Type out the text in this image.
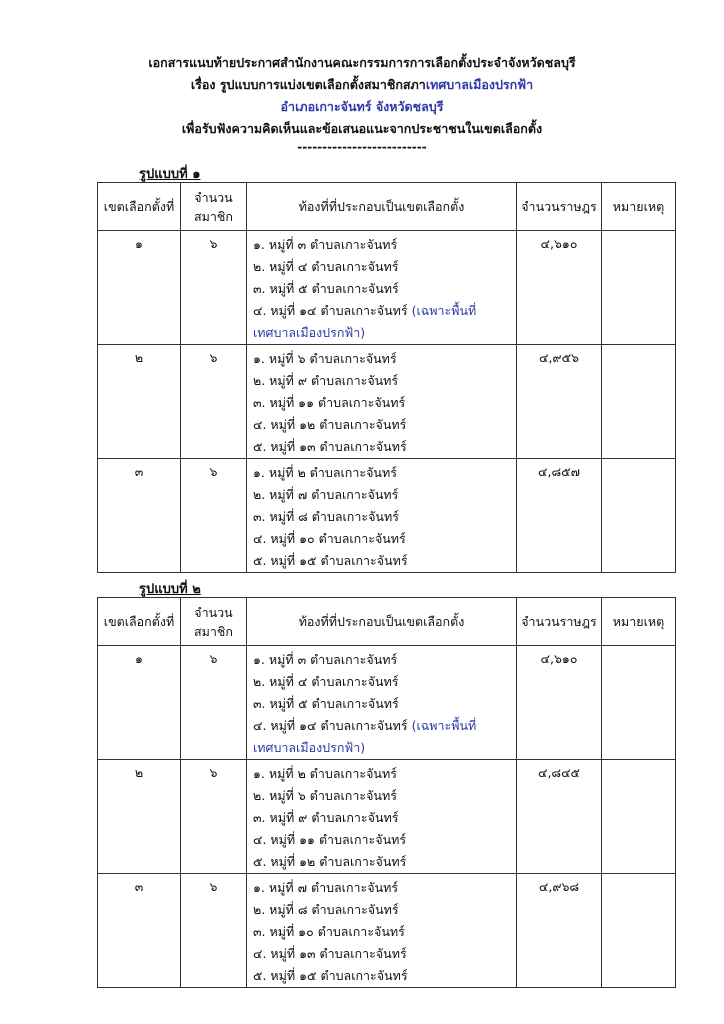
เอกสารแนบท้ายประกาศสำนักงานคณะกรรมการการเลือกตั้งประจำจังหวัดชลบุรี
เรื่อง รูปแบบการแบ่งเขตเลือกตั้งสมาชิกสภาเทศบาลเมืองปรกฟ้า
อำเภอเกาะจันทร์ จังหวัดชลบุรี
เพื่อรับฟังความคิดเห็นและข้อเสนอแนะจากประชาชนในเขตเลือกตั้ง
--------------------------
รูปแบบที่ ๑
เขตเลือกตั้งที่	จำนวนสมาชิก	ท้องที่ที่ประกอบเป็นเขตเลือกตั้ง	จำนวนราษฎร	หมายเหตุ
๑	๖	๑. หมู่ที่ ๓ ตำบลเกาะจันทร์
๒. หมู่ที่ ๔ ตำบลเกาะจันทร์
๓. หมู่ที่ ๕ ตำบลเกาะจันทร์
๔. หมู่ที่ ๑๔ ตำบลเกาะจันทร์ (เฉพาะพื้นที่เทศบาลเมืองปรกฟ้า)	๔,๖๑๐	
๒	๖	๑. หมู่ที่ ๖ ตำบลเกาะจันทร์
๒. หมู่ที่ ๙ ตำบลเกาะจันทร์
๓. หมู่ที่ ๑๑ ตำบลเกาะจันทร์
๔. หมู่ที่ ๑๒ ตำบลเกาะจันทร์
๕. หมู่ที่ ๑๓ ตำบลเกาะจันทร์	๔,๙๕๖	
๓	๖	๑. หมู่ที่ ๒ ตำบลเกาะจันทร์
๒. หมู่ที่ ๗ ตำบลเกาะจันทร์
๓. หมู่ที่ ๘ ตำบลเกาะจันทร์
๔. หมู่ที่ ๑๐ ตำบลเกาะจันทร์
๕. หมู่ที่ ๑๕ ตำบลเกาะจันทร์	๔,๘๕๗	
รูปแบบที่ ๒
เขตเลือกตั้งที่	จำนวนสมาชิก	ท้องที่ที่ประกอบเป็นเขตเลือกตั้ง	จำนวนราษฎร	หมายเหตุ
๑	๖	๑. หมู่ที่ ๓ ตำบลเกาะจันทร์
๒. หมู่ที่ ๔ ตำบลเกาะจันทร์
๓. หมู่ที่ ๕ ตำบลเกาะจันทร์
๔. หมู่ที่ ๑๔ ตำบลเกาะจันทร์ (เฉพาะพื้นที่เทศบาลเมืองปรกฟ้า)	๔,๖๑๐	
๒	๖	๑. หมู่ที่ ๒ ตำบลเกาะจันทร์
๒. หมู่ที่ ๖ ตำบลเกาะจันทร์
๓. หมู่ที่ ๙ ตำบลเกาะจันทร์
๔. หมู่ที่ ๑๑ ตำบลเกาะจันทร์
๕. หมู่ที่ ๑๒ ตำบลเกาะจันทร์	๔,๘๔๕	
๓	๖	๑. หมู่ที่ ๗ ตำบลเกาะจันทร์
๒. หมู่ที่ ๘ ตำบลเกาะจันทร์
๓. หมู่ที่ ๑๐ ตำบลเกาะจันทร์
๔. หมู่ที่ ๑๓ ตำบลเกาะจันทร์
๕. หมู่ที่ ๑๕ ตำบลเกาะจันทร์	๔,๙๖๘	
